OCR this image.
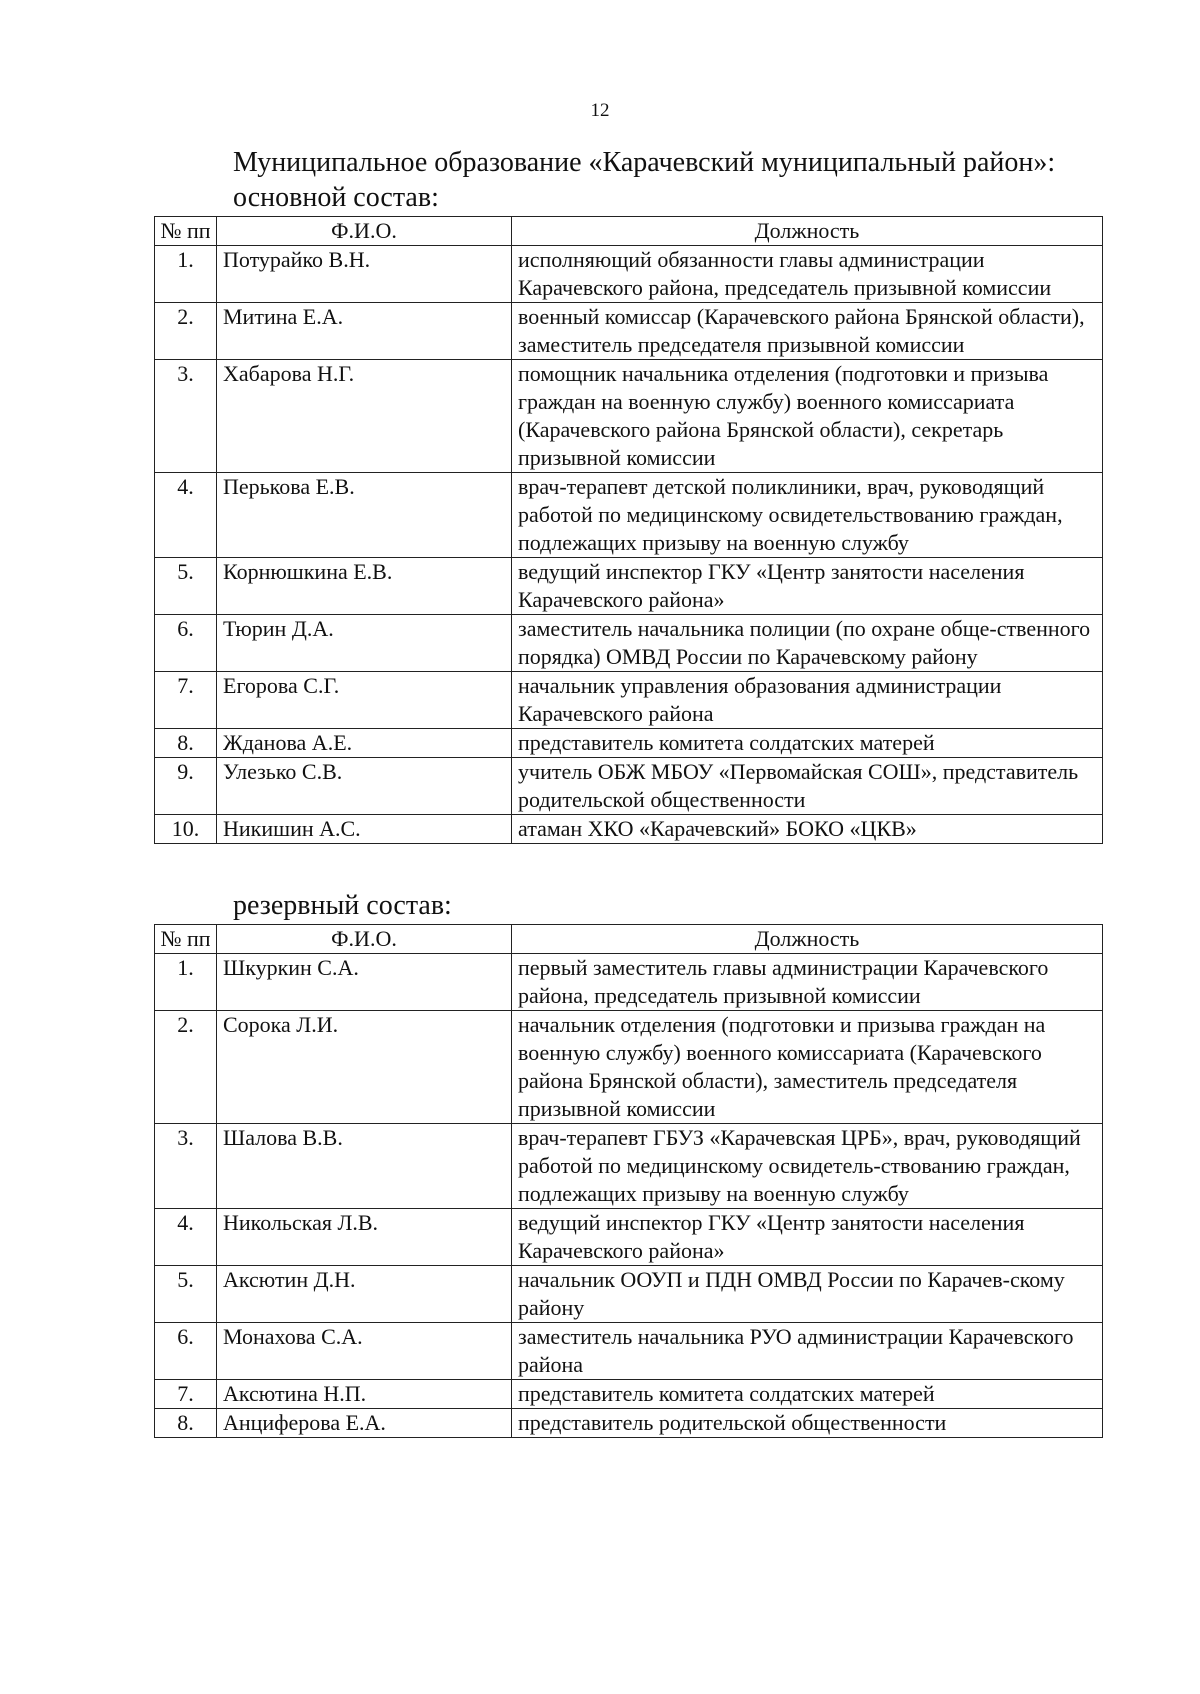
12
Муниципальное образование «Карачевский муниципальный район»:
основной состав:
№ пп	Ф.И.О.	Должность
1.	Потурайко В.Н.	исполняющий обязанности главы администрации Карачевского района, председатель призывной комиссии
2.	Митина Е.А.	военный комиссар (Карачевского района Брянской области), заместитель председателя призывной комиссии
3.	Хабарова Н.Г.	помощник начальника отделения (подготовки и призыва граждан на военную службу) военного комиссариата (Карачевского района Брянской области), секретарь призывной комиссии
4.	Перькова Е.В.	врач-терапевт детской поликлиники, врач, руководящий работой по медицинскому освидетельствованию граждан, подлежащих призыву на военную службу
5.	Корнюшкина Е.В.	ведущий инспектор ГКУ «Центр занятости населения Карачевского района»
6.	Тюрин Д.А.	заместитель начальника полиции (по охране обще-ственного порядка) ОМВД России по Карачевскому району
7.	Егорова С.Г.	начальник управления образования администрации Карачевского района
8.	Жданова А.Е.	представитель комитета солдатских матерей
9.	Улезько С.В.	учитель ОБЖ МБОУ «Первомайская СОШ», представитель родительской общественности
10.	Никишин А.С.	атаман ХКО «Карачевский» БОКО «ЦКВ»
резервный состав:
№ пп	Ф.И.О.	Должность
1.	Шкуркин С.А.	первый заместитель главы администрации Карачевского района, председатель призывной комиссии
2.	Сорока Л.И.	начальник отделения (подготовки и призыва граждан на военную службу) военного комиссариата (Карачевского района Брянской области), заместитель председателя призывной комиссии
3.	Шалова В.В.	врач-терапевт ГБУЗ «Карачевская ЦРБ», врач, руководящий работой по медицинскому освидетель-ствованию граждан, подлежащих призыву на военную службу
4.	Никольская Л.В.	ведущий инспектор ГКУ «Центр занятости населения Карачевского района»
5.	Аксютин Д.Н.	начальник ООУП и ПДН ОМВД России по Карачев-скому району
6.	Монахова С.А.	заместитель начальника РУО администрации Карачевского района
7.	Аксютина Н.П.	представитель комитета солдатских матерей
8.	Анциферова Е.А.	представитель родительской общественности
